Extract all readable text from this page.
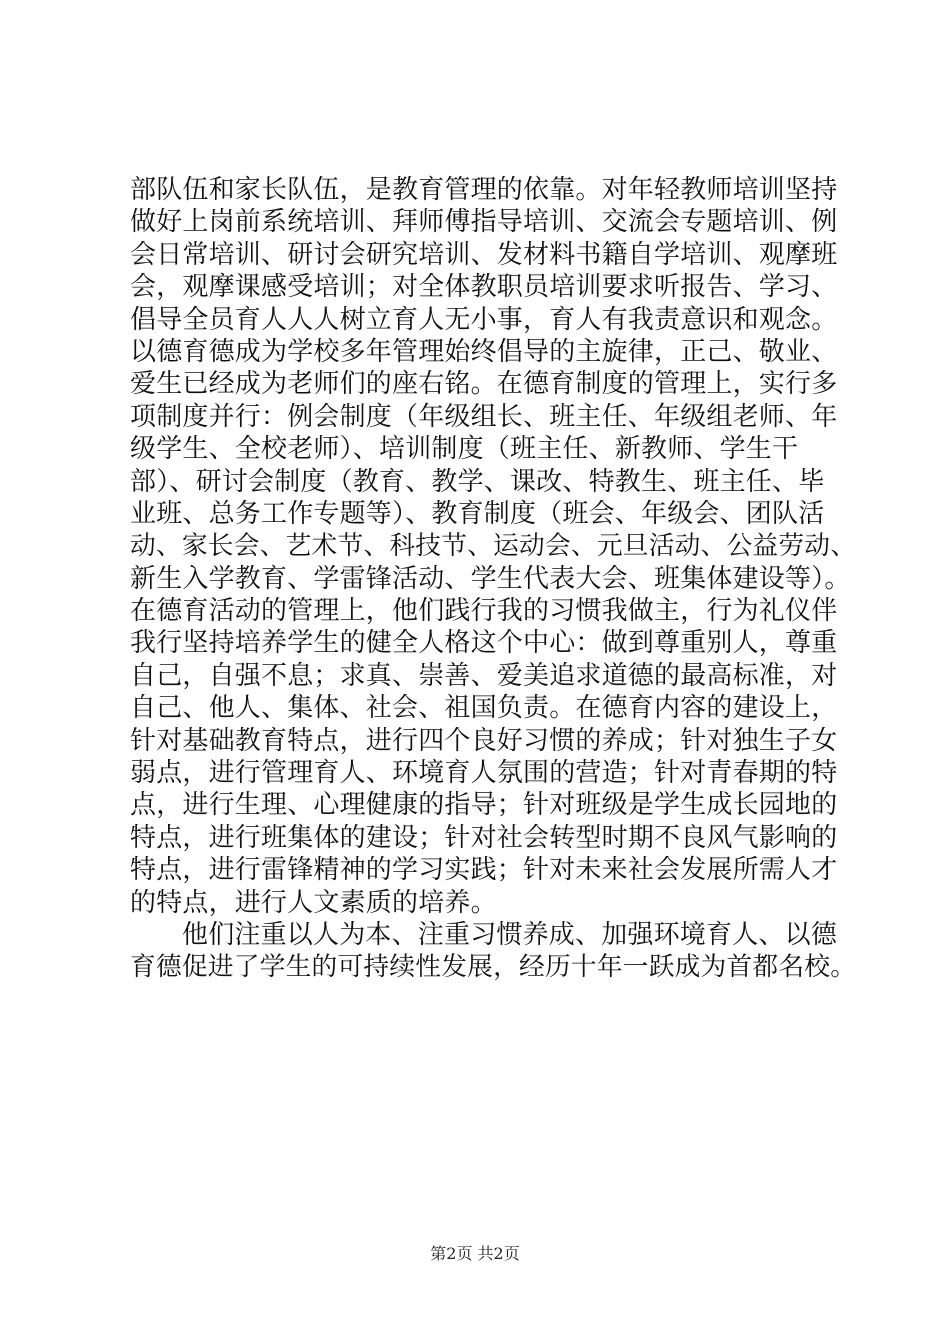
部队伍和家长队伍，是教育管理的依靠。对年轻教师培训坚持
做好上岗前系统培训、拜师傅指导培训、交流会专题培训、例
会日常培训、研讨会研究培训、发材料书籍自学培训、观摩班
会，观摩课感受培训；对全体教职员培训要求听报告、学习、
倡导全员育人人人树立育人无小事，育人有我责意识和观念。
以德育德成为学校多年管理始终倡导的主旋律，正己、敬业、
爱生已经成为老师们的座右铭。在德育制度的管理上，实行多
项制度并行：例会制度（年级组长、班主任、年级组老师、年
级学生、全校老师）、培训制度（班主任、新教师、学生干
部）、研讨会制度（教育、教学、课改、特教生、班主任、毕
业班、总务工作专题等）、教育制度（班会、年级会、团队活
动、家长会、艺术节、科技节、运动会、元旦活动、公益劳动、
新生入学教育、学雷锋活动、学生代表大会、班集体建设等）。
在德育活动的管理上，他们践行我的习惯我做主，行为礼仪伴
我行坚持培养学生的健全人格这个中心：做到尊重别人，尊重
自己，自强不息；求真、崇善、爱美追求道德的最高标准，对
自己、他人、集体、社会、祖国负责。在德育内容的建设上，
针对基础教育特点，进行四个良好习惯的养成；针对独生子女
弱点，进行管理育人、环境育人氛围的营造；针对青春期的特
点，进行生理、心理健康的指导；针对班级是学生成长园地的
特点，进行班集体的建设；针对社会转型时期不良风气影响的
特点，进行雷锋精神的学习实践；针对未来社会发展所需人才
的特点，进行人文素质的培养。
他们注重以人为本、注重习惯养成、加强环境育人、以德
育德促进了学生的可持续性发展，经历十年一跃成为首都名校。
第2页 共2页
